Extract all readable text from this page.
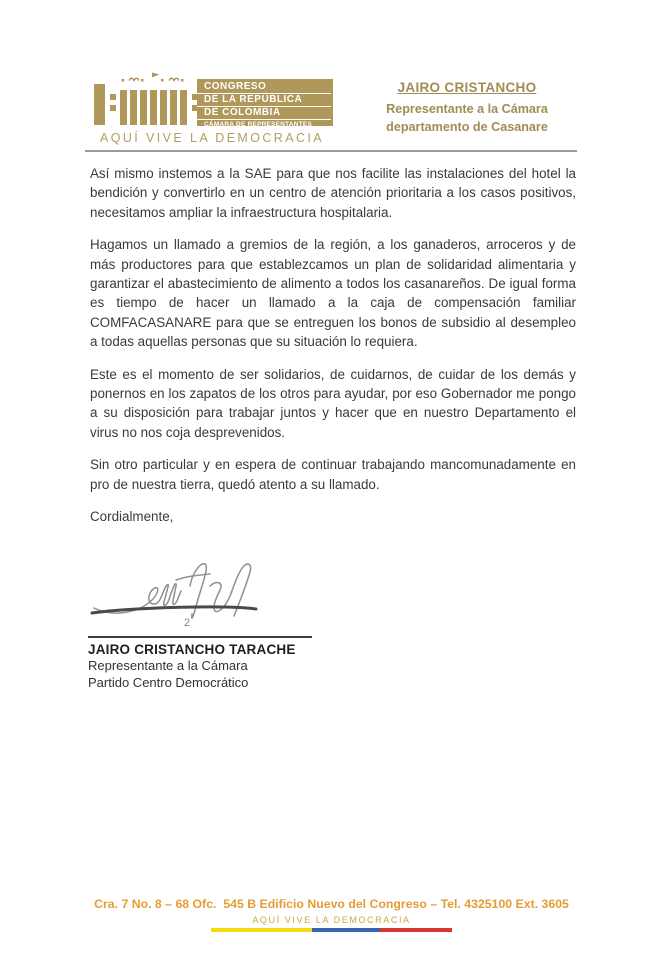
CONGRESO
DE LA REPÚBLICA
DE COLOMBIA
CÁMARA DE REPRESENTANTES
AQUÍ VIVE LA DEMOCRACIA
JAIRO CRISTANCHO
Representante a la Cámara
departamento de Casanare

Así mismo instemos a la SAE para que nos facilite las instalaciones del hotel la bendición y convertirlo en un centro de atención prioritaria a los casos positivos, necesitamos ampliar la infraestructura hospitalaria.

Hagamos un llamado a gremios de la región, a los ganaderos, arroceros y de más productores para que establezcamos un plan de solidaridad alimentaria y garantizar el abastecimiento de alimento a todos los casanareños. De igual forma es tiempo de hacer un llamado a la caja de compensación familiar COMFACASANARE para que se entreguen los bonos de subsidio al desempleo a todas aquellas personas que su situación lo requiera.

Este es el momento de ser solidarios, de cuidarnos, de cuidar de los demás y ponernos en los zapatos de los otros para ayudar, por eso Gobernador me pongo a su disposición para trabajar juntos y hacer que en nuestro Departamento el virus no nos coja desprevenidos.

Sin otro particular y en espera de continuar trabajando mancomunadamente en pro de nuestra tierra, quedó atento a su llamado.

Cordialmente,

2
JAIRO CRISTANCHO TARACHE
Representante a la Cámara
Partido Centro Democrático
Cra. 7 No. 8 – 68 Ofc.  545 B Edificio Nuevo del Congreso – Tel. 4325100 Ext. 3605
AQUÍ VIVE LA DEMOCRACIA
